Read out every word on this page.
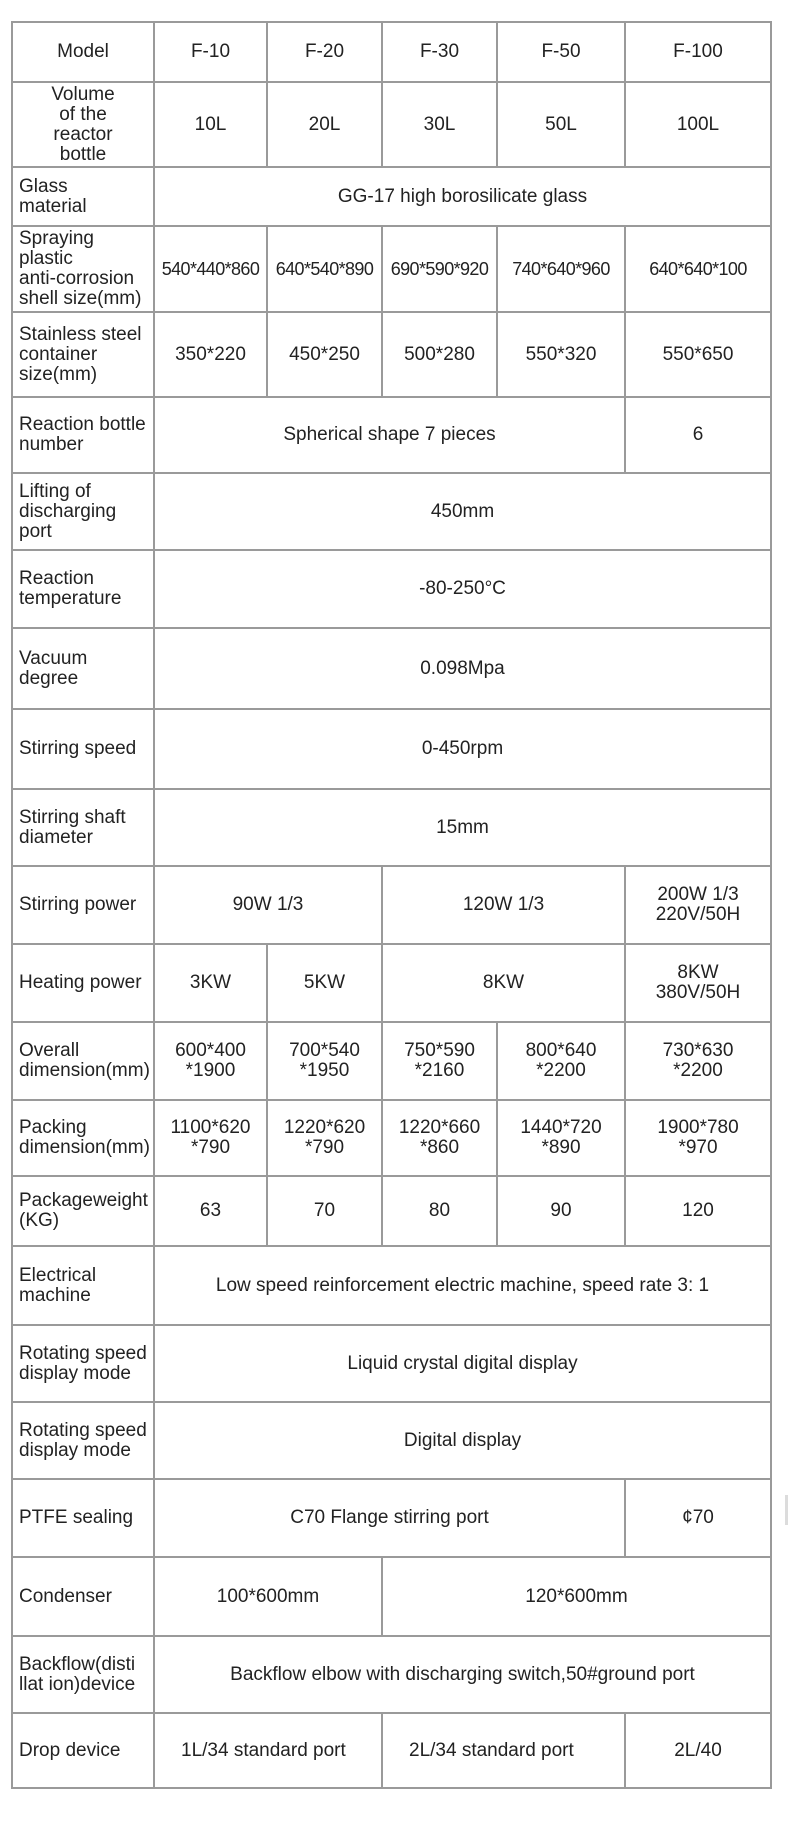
Model	F-10	F-20	F-30	F-50	F-100
Volume
of the
reactor
bottle	10L	20L	30L	50L	100L
Glass
material	GG-17 high borosilicate glass				
Spraying plastic
anti-corrosion
shell size(mm)	540*440*860	640*540*890	690*590*920	740*640*960	640*640*100
Stainless steel
container
size(mm)	350*220	450*250	500*280	550*320	550*650
Reaction bottle
number	Spherical shape 7 pieces				6
Lifting of
discharging port	450mm				
Reaction
temperature	-80-250°C				
Vacuum degree	0.098Mpa				
Stirring speed	0-450rpm				
Stirring shaft
diameter	15mm				
Stirring power	90W 1/3		120W 1/3		200W 1/3
220V/50H
Heating power	3KW	5KW	8KW		8KW
380V/50H
Overall
dimension(mm)	600*400
*1900	700*540
*1950	750*590
*2160	800*640
*2200	730*630
*2200
Packing
dimension(mm)	1100*620
*790	1220*620
*790	1220*660
*860	1440*720
*890	1900*780
*970
Packageweight
(KG)	63	70	80	90	120
Electrical
machine	Low speed reinforcement electric machine, speed rate 3: 1				
Rotating speed
display mode	Liquid crystal digital display				
Rotating speed
display mode	Digital display				
PTFE sealing	C70 Flange stirring port				¢70
Condenser	100*600mm		120*600mm		
Backflow(disti
llat ion)device	Backflow elbow with discharging switch,50#ground port				
Drop device	1L/34 standard port		2L/34 standard port		2L/40
